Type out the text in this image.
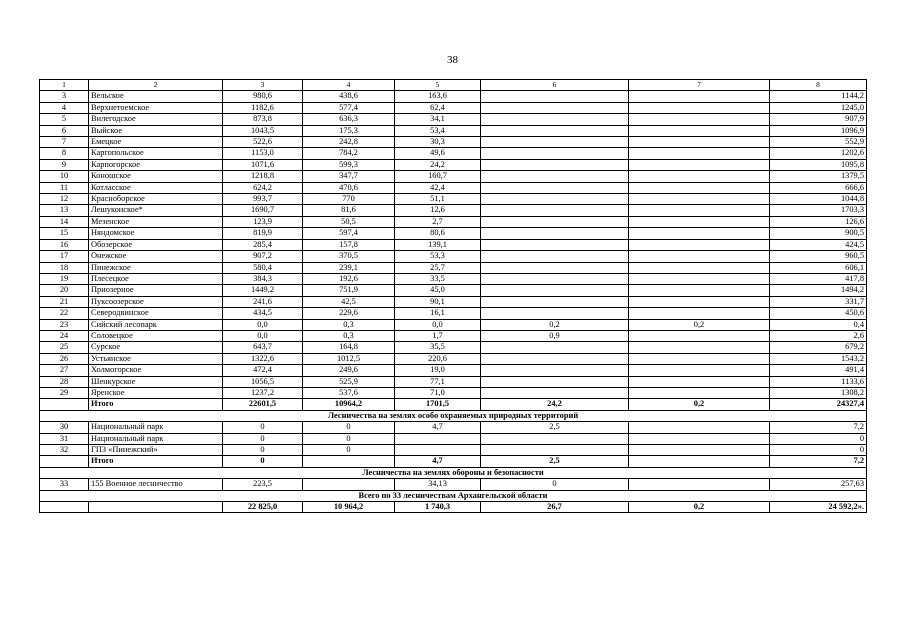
38
1	2	3	4	5	6	7	8
3	Вельское	980,6	438,6	163,6			1144,2
4	Верхнетоемское	1182,6	577,4	62,4			1245,0
5	Вилегодское	873,8	636,3	34,1			907,9
6	Выйское	1043,5	175,3	53,4			1096,9
7	Емецкое	522,6	242,8	30,3			552,9
8	Каргопольское	1153,0	784,2	49,6			1202,6
9	Карпогорское	1071,6	599,3	24,2			1095,8
10	Коношское	1218,8	347,7	160,7			1379,5
11	Котласское	624,2	470,6	42,4			666,6
12	Красноборское	993,7	770	51,1			1044,8
13	Лешуконское*	1690,7	81,6	12,6			1703,3
14	Мезенское	123,9	50,5	2,7			126,6
15	Няндомское	819,9	597,4	80,6			900,5
16	Обозерское	285,4	157,8	139,1			424,5
17	Онежское	907,2	370,5	53,3			960,5
18	Пинежское	580,4	239,1	25,7			606,1
19	Плесецкое	384,3	192,6	33,5			417,8
20	Приозерное	1449,2	751,9	45,0			1494,2
21	Пуксоозерское	241,6	42,5	90,1			331,7
22	Северодвинское	434,5	229,6	16,1			450,6
23	Сийский лесопарк	0,0	0,3	0,0	0,2	0,2	0,4
24	Соловецкое	0,0	0,3	1,7	0,9		2,6
25	Сурское	643,7	164,8	35,5			679,2
26	Устьянское	1322,6	1012,5	220,6			1543,2
27	Холмогорское	472,4	249,6	19,0			491,4
28	Шенкурское	1056,5	525,9	77,1			1133,6
29	Яренское	1237,2	537,6	71,0			1308,2
	Итого	22601,5	10964,2	1701,5	24,2	0,2	24327,4
Лесничества на землях особо охраняемых природных территорий							
30	Национальный парк	0	0	4,7	2,5		7,2
31	Национальный парк	0	0				0
32	ГПЗ «Пинежский»	0	0				0
	Итого	0		4,7	2,5		7,2
Лесничества на землях обороны и безопасности							
33	155 Военное лесничество	223,5		34,13	0		257,63
Всего по 33 лесничествам Архангельской области							
		22 825,0	10 964,2	1 740,3	26,7	0,2	24 592,2».
